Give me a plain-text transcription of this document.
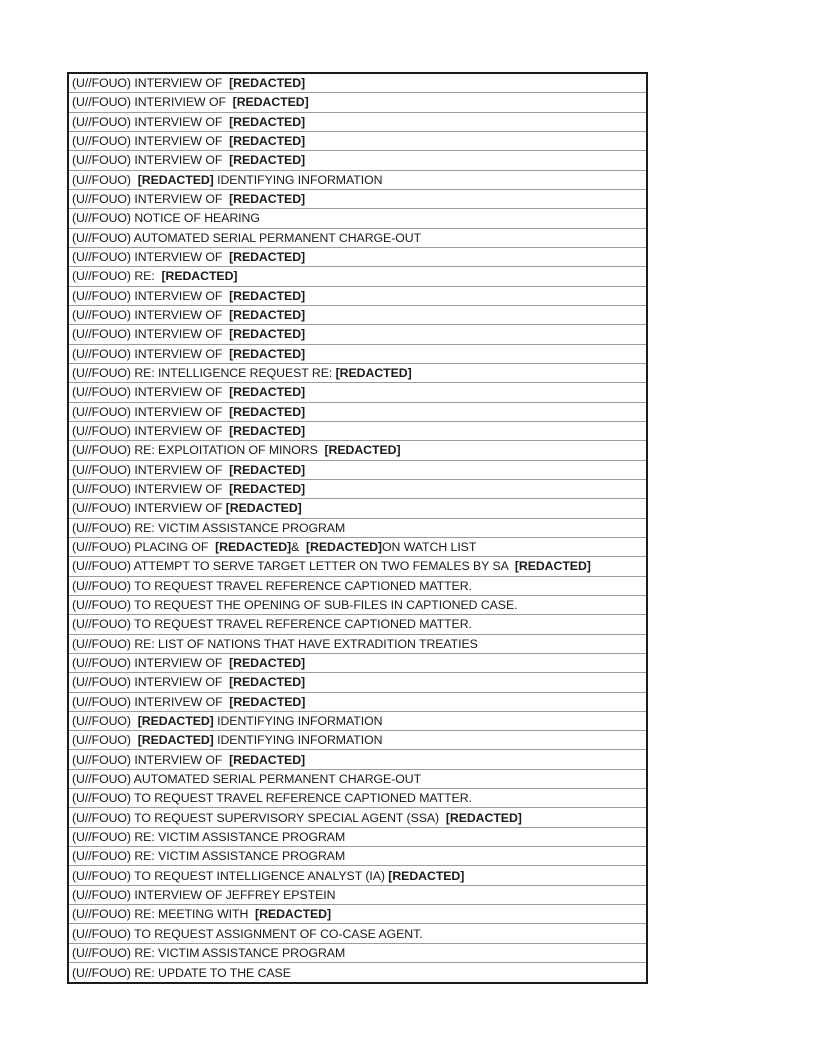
(U//FOUO) INTERVIEW OF [REDACTED]
(U//FOUO) INTERIVIEW OF [REDACTED]
(U//FOUO) INTERVIEW OF [REDACTED]
(U//FOUO) INTERVIEW OF [REDACTED]
(U//FOUO) INTERVIEW OF [REDACTED]
(U//FOUO) [REDACTED] IDENTIFYING INFORMATION
(U//FOUO) INTERVIEW OF [REDACTED]
(U//FOUO) NOTICE OF HEARING
(U//FOUO) AUTOMATED SERIAL PERMANENT CHARGE-OUT
(U//FOUO) INTERVIEW OF [REDACTED]
(U//FOUO) RE: [REDACTED]
(U//FOUO) INTERVIEW OF [REDACTED]
(U//FOUO) INTERVIEW OF [REDACTED]
(U//FOUO) INTERVIEW OF [REDACTED]
(U//FOUO) INTERVIEW OF [REDACTED]
(U//FOUO) RE: INTELLIGENCE REQUEST RE: [REDACTED]
(U//FOUO) INTERVIEW OF [REDACTED]
(U//FOUO) INTERVIEW OF [REDACTED]
(U//FOUO) INTERVIEW OF [REDACTED]
(U//FOUO) RE: EXPLOITATION OF MINORS [REDACTED]
(U//FOUO) INTERVIEW OF [REDACTED]
(U//FOUO) INTERVIEW OF [REDACTED]
(U//FOUO) INTERVIEW OF [REDACTED]
(U//FOUO) RE: VICTIM ASSISTANCE PROGRAM
(U//FOUO) PLACING OF [REDACTED] & [REDACTED] ON WATCH LIST
(U//FOUO) ATTEMPT TO SERVE TARGET LETTER ON TWO FEMALES BY SA [REDACTED]
(U//FOUO) TO REQUEST TRAVEL REFERENCE CAPTIONED MATTER.
(U//FOUO) TO REQUEST THE OPENING OF SUB-FILES IN CAPTIONED CASE.
(U//FOUO) TO REQUEST TRAVEL REFERENCE CAPTIONED MATTER.
(U//FOUO) RE: LIST OF NATIONS THAT HAVE EXTRADITION TREATIES
(U//FOUO) INTERVIEW OF [REDACTED]
(U//FOUO) INTERVIEW OF [REDACTED]
(U//FOUO) INTERIVEW OF [REDACTED]
(U//FOUO) [REDACTED] IDENTIFYING INFORMATION
(U//FOUO) [REDACTED] IDENTIFYING INFORMATION
(U//FOUO) INTERVIEW OF [REDACTED]
(U//FOUO) AUTOMATED SERIAL PERMANENT CHARGE-OUT
(U//FOUO) TO REQUEST TRAVEL REFERENCE CAPTIONED MATTER.
(U//FOUO) TO REQUEST SUPERVISORY SPECIAL AGENT (SSA) [REDACTED]
(U//FOUO) RE: VICTIM ASSISTANCE PROGRAM
(U//FOUO) RE: VICTIM ASSISTANCE PROGRAM
(U//FOUO) TO REQUEST INTELLIGENCE ANALYST (IA) [REDACTED]
(U//FOUO) INTERVIEW OF JEFFREY EPSTEIN
(U//FOUO) RE: MEETING WITH [REDACTED]
(U//FOUO) TO REQUEST ASSIGNMENT OF CO-CASE AGENT.
(U//FOUO) RE: VICTIM ASSISTANCE PROGRAM
(U//FOUO) RE: UPDATE TO THE CASE
